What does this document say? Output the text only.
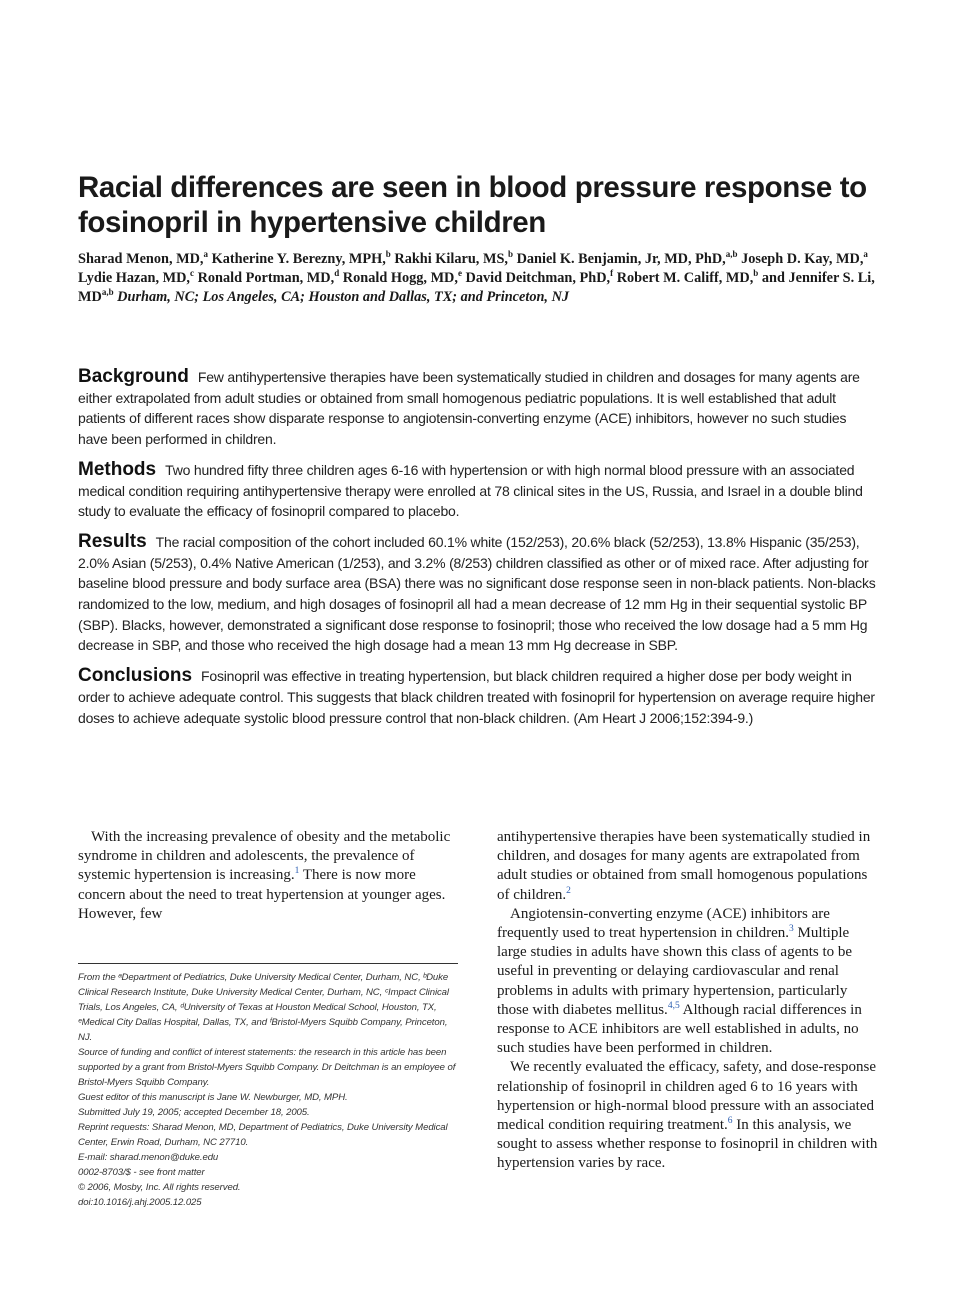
Racial differences are seen in blood pressure response to fosinopril in hypertensive children

Sharad Menon, MD,$^a$ Katherine Y. Berezny, MPH,$^b$ Rakhi Kilaru, MS,$^b$ Daniel K. Benjamin, Jr, MD, PhD,$^{a,b}$ Joseph D. Kay, MD,$^a$ Lydie Hazan, MD,$^c$ Ronald Portman, MD,$^d$ Ronald Hogg, MD,$^e$ David Deitchman, PhD,$^f$ Robert M. Califf, MD,$^b$ and Jennifer S. Li, MD$^{a,b}$ Durham, NC; Los Angeles, CA; Houston and Dallas, TX; and Princeton, NJ

Background Few antihypertensive therapies have been systematically studied in children and dosages for many agents are either extrapolated from adult studies or obtained from small homogenous pediatric populations. It is well established that adult patients of different races show disparate response to angiotensin-converting enzyme (ACE) inhibitors, however no such studies have been performed in children.

Methods Two hundred fifty three children ages 6-16 with hypertension or with high normal blood pressure with an associated medical condition requiring antihypertensive therapy were enrolled at 78 clinical sites in the US, Russia, and Israel in a double blind study to evaluate the efficacy of fosinopril compared to placebo.

Results The racial composition of the cohort included 60.1% white (152/253), 20.6% black (52/253), 13.8% Hispanic (35/253), 2.0% Asian (5/253), 0.4% Native American (1/253), and 3.2% (8/253) children classified as other or of mixed race. After adjusting for baseline blood pressure and body surface area (BSA) there was no significant dose response seen in non-black patients. Non-blacks randomized to the low, medium, and high dosages of fosinopril all had a mean decrease of 12 mm Hg in their sequential systolic BP (SBP). Blacks, however, demonstrated a significant dose response to fosinopril; those who received the low dosage had a 5 mm Hg decrease in SBP, and those who received the high dosage had a mean 13 mm Hg decrease in SBP.

Conclusions Fosinopril was effective in treating hypertension, but black children required a higher dose per body weight in order to achieve adequate control. This suggests that black children treated with fosinopril for hypertension on average require higher doses to achieve adequate systolic blood pressure control that non-black children. (Am Heart J 2006;152:394-9.)

With the increasing prevalence of obesity and the metabolic syndrome in children and adolescents, the prevalence of systemic hypertension is increasing.$^1$ There is now more concern about the need to treat hypertension at younger ages. However, few

From the ᵃDepartment of Pediatrics, Duke University Medical Center, Durham, NC, ᵇDuke Clinical Research Institute, Duke University Medical Center, Durham, NC, ᶜImpact Clinical Trials, Los Angeles, CA, ᵈUniversity of Texas at Houston Medical School, Houston, TX, ᵉMedical City Dallas Hospital, Dallas, TX, and ᶠBristol-Myers Squibb Company, Princeton, NJ.

Source of funding and conflict of interest statements: the research in this article has been supported by a grant from Bristol-Myers Squibb Company. Dr Deitchman is an employee of Bristol-Myers Squibb Company.

Guest editor of this manuscript is Jane W. Newburger, MD, MPH.

Submitted July 19, 2005; accepted December 18, 2005.

Reprint requests: Sharad Menon, MD, Department of Pediatrics, Duke University Medical Center, Erwin Road, Durham, NC 27710.

E-mail: sharad.menon@duke.edu

0002-8703/$ - see front matter

© 2006, Mosby, Inc. All rights reserved.

doi:10.1016/j.ahj.2005.12.025

antihypertensive therapies have been systematically studied in children, and dosages for many agents are extrapolated from adult studies or obtained from small homogenous populations of children.$^2$

Angiotensin-converting enzyme (ACE) inhibitors are frequently used to treat hypertension in children.$^3$ Multiple large studies in adults have shown this class of agents to be useful in preventing or delaying cardiovascular and renal problems in adults with primary hypertension, particularly those with diabetes mellitus.$^{4,5}$ Although racial differences in response to ACE inhibitors are well established in adults, no such studies have been performed in children.

We recently evaluated the efficacy, safety, and dose-response relationship of fosinopril in children aged 6 to 16 years with hypertension or high-normal blood pressure with an associated medical condition requiring treatment.$^6$ In this analysis, we sought to assess whether response to fosinopril in children with hypertension varies by race.
